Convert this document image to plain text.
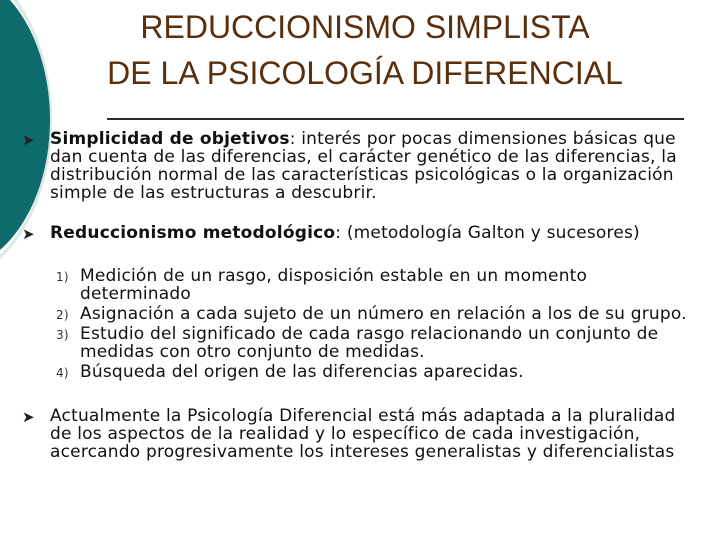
REDUCCIONISMO SIMPLISTA
DE LA PSICOLOGÍA DIFERENCIAL
➤ Simplicidad de objetivos: interés por pocas dimensiones básicas que dan cuenta de las diferencias, el carácter genético de las diferencias, la distribución normal de las características psicológicas o la organización simple de las estructuras a descubrir.
➤ Reduccionismo metodológico: (metodología Galton y sucesores)
1) Medición de un rasgo, disposición estable en un momento determinado
2) Asignación a cada sujeto de un número en relación a los de su grupo.
3) Estudio del significado de cada rasgo relacionando un conjunto de medidas con otro conjunto de medidas.
4) Búsqueda del origen de las diferencias aparecidas.
➤ Actualmente la Psicología Diferencial está más adaptada a la pluralidad de los aspectos de la realidad y lo específico de cada investigación, acercando progresivamente los intereses generalistas y diferencialistas
